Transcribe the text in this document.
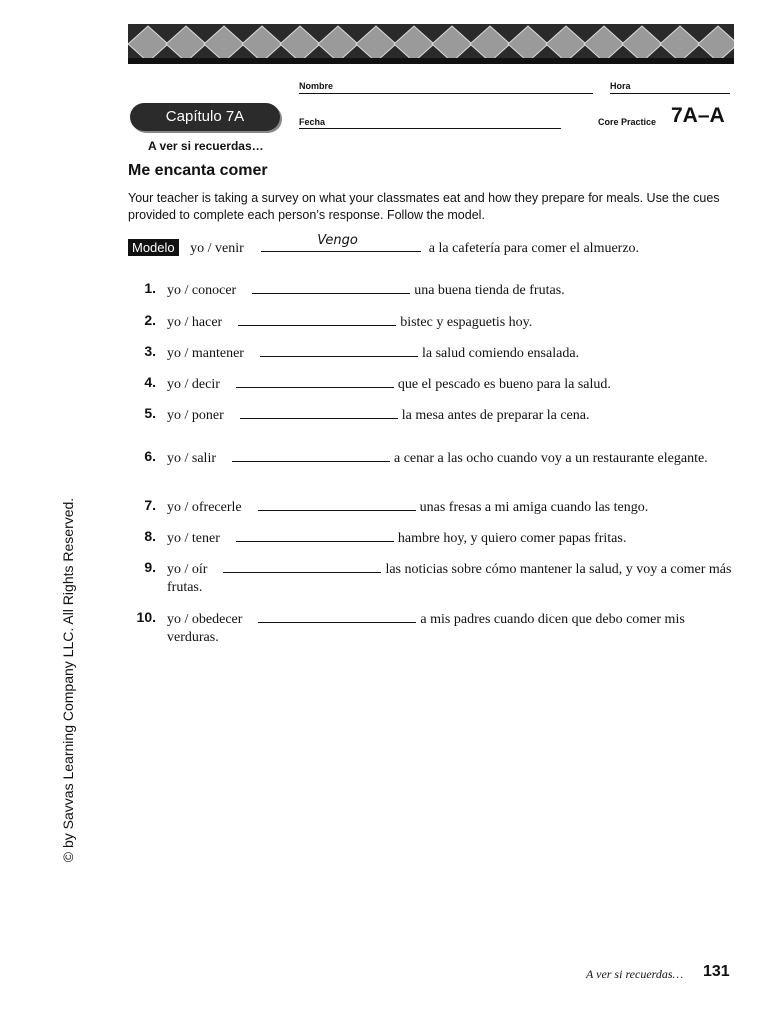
Nombre	Hora
Capítulo 7A	Fecha	Core Practice 7A–A
A ver si recuerdas…
Me encanta comer
Your teacher is taking a survey on what your classmates eat and how they prepare for meals. Use the cues provided to complete each person’s response. Follow the model.
Modelo yo / venir
Vengo
a la cafetería para comer el almuerzo.
1. yo / conocer	una buena tienda de frutas.
2. yo / hacer	bistec y espaguetis hoy.
3. yo / mantener	la salud comiendo ensalada.
4. yo / decir	que el pescado es bueno para la salud.
5. yo / poner	la mesa antes de preparar la cena.
6. yo / salir	a cenar a las ocho cuando voy a un restaurante elegante.
7. yo / ofrecerle	unas fresas a mi amiga cuando las tengo.
8. yo / tener	hambre hoy, y quiero comer papas fritas.
9. yo / oír	las noticias sobre cómo mantener la salud, y voy a comer más frutas.
10. yo / obedecer	a mis padres cuando dicen que debo comer mis verduras.
© by Savvas Learning Company LLC. All Rights Reserved.
A ver si recuerdas… 131
